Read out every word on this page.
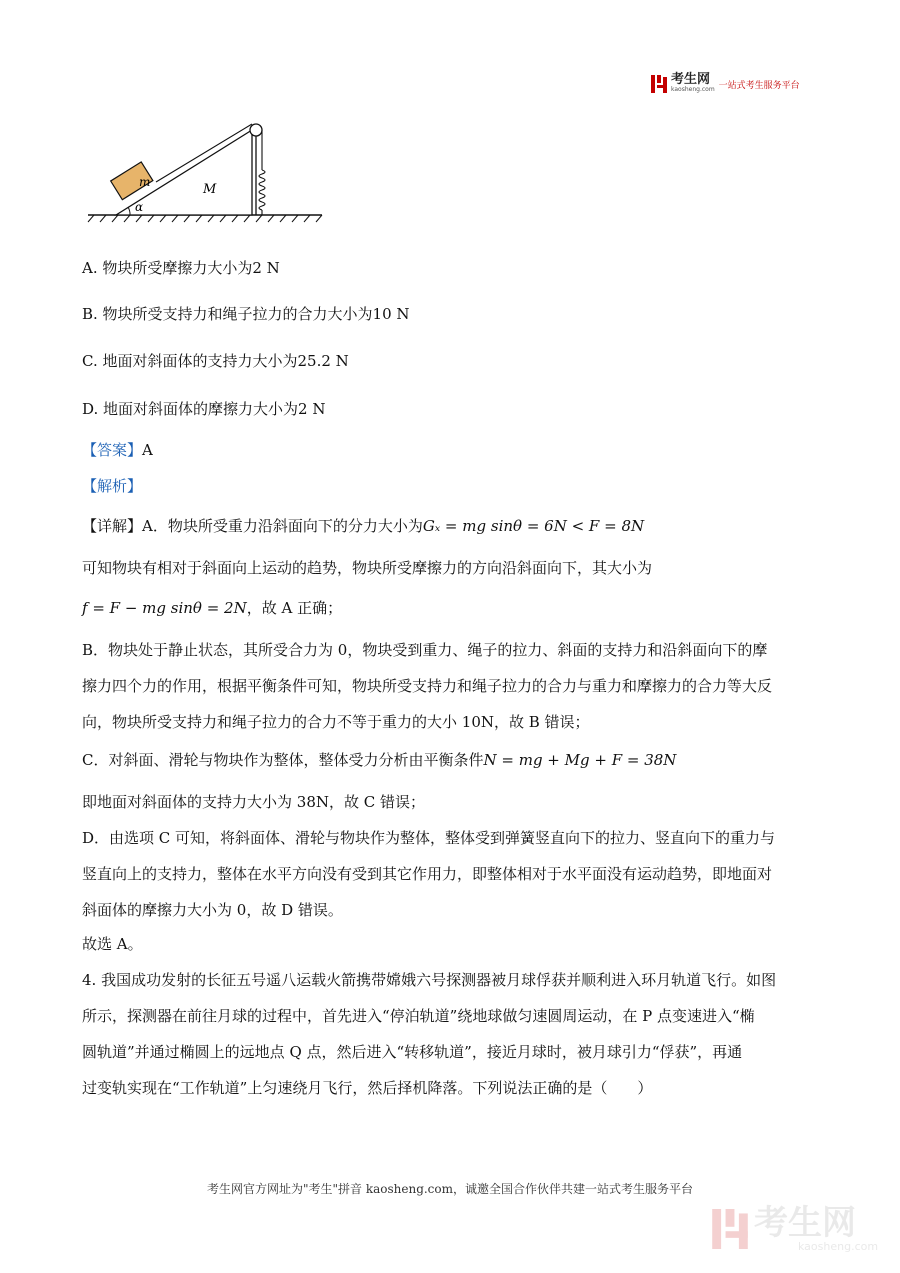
考生网
kaosheng.com 一站式考生服务平台
m	M
α
A. 物块所受摩擦力大小为2 N
B. 物块所受支持力和绳子拉力的合力大小为10 N
C. 地面对斜面体的支持力大小为25.2 N
D. 地面对斜面体的摩擦力大小为2 N
【答案】A
【解析】
【详解】A．物块所受重力沿斜面向下的分力大小为Gₓ = mg sinθ = 6N < F = 8N
可知物块有相对于斜面向上运动的趋势，物块所受摩擦力的方向沿斜面向下，其大小为
f = F − mg sinθ = 2N，故 A 正确；
B．物块处于静止状态，其所受合力为 0，物块受到重力、绳子的拉力、斜面的支持力和沿斜面向下的摩
擦力四个力的作用，根据平衡条件可知，物块所受支持力和绳子拉力的合力与重力和摩擦力的合力等大反
向，物块所受支持力和绳子拉力的合力不等于重力的大小 10N，故 B 错误；
C．对斜面、滑轮与物块作为整体，整体受力分析由平衡条件N = mg + Mg + F = 38N
即地面对斜面体的支持力大小为 38N，故 C 错误；
D．由选项 C 可知，将斜面体、滑轮与物块作为整体，整体受到弹簧竖直向下的拉力、竖直向下的重力与
竖直向上的支持力，整体在水平方向没有受到其它作用力，即整体相对于水平面没有运动趋势，即地面对
斜面体的摩擦力大小为 0，故 D 错误。
故选 A。
4. 我国成功发射的长征五号遥八运载火箭携带嫦娥六号探测器被月球俘获并顺利进入环月轨道飞行。如图
所示，探测器在前往月球的过程中，首先进入“停泊轨道”绕地球做匀速圆周运动，在 P 点变速进入“椭
圆轨道”并通过椭圆上的远地点 Q 点，然后进入“转移轨道”，接近月球时，被月球引力“俘获”，再通
过变轨实现在“工作轨道”上匀速绕月飞行，然后择机降落。下列说法正确的是（　　）
考生网官方网址为"考生"拼音 kaosheng.com，诚邀全国合作伙伴共建一站式考生服务平台
考生网
kaosheng.com
